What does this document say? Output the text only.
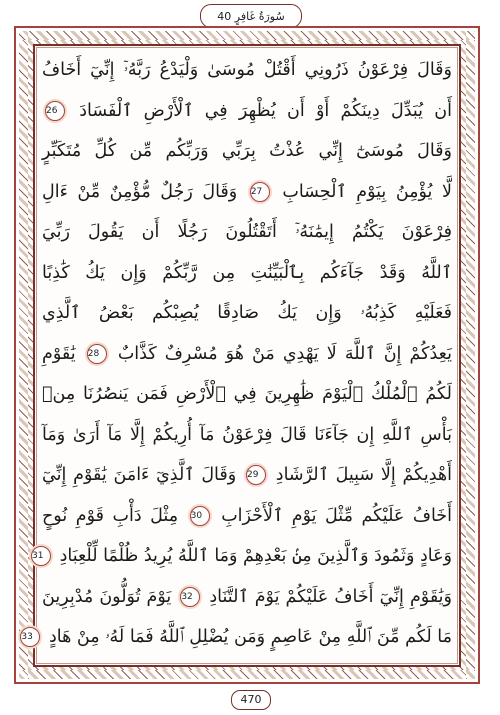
سُورَةُ غَافِرٍ 40
وَقَالَ فِرْعَوْنُ ذَرُونِي أَقْتُلْ مُوسَىٰ وَلْيَدْعُ رَبَّهُۥٓ إِنِّيٓ أَخَافُ
أَن يُبَدِّلَ دِينَكُمْ أَوْ أَن يُظْهِرَ فِي ٱلْأَرْضِ ٱلْفَسَادَ 26
وَقَالَ مُوسَىٰٓ إِنِّي عُذْتُ بِرَبِّي وَرَبِّكُم مِّن كُلِّ مُتَكَبِّرٍ
لَّا يُؤْمِنُ بِيَوْمِ ٱلْحِسَابِ 27 وَقَالَ رَجُلٌ مُّؤْمِنٌ مِّنْ ءَالِ
فِرْعَوْنَ يَكْتُمُ إِيمَٰنَهُۥٓ أَتَقْتُلُونَ رَجُلًا أَن يَقُولَ رَبِّيَ
ٱللَّهُ وَقَدْ جَآءَكُم بِٱلْبَيِّنَٰتِ مِن رَّبِّكُمْ وَإِن يَكُ كَٰذِبًا
فَعَلَيْهِ كَذِبُهُۥ وَإِن يَكُ صَادِقًا يُصِبْكُم بَعْضُ ٱلَّذِي
يَعِدُكُمْ إِنَّ ٱللَّهَ لَا يَهْدِي مَنْ هُوَ مُسْرِفٌ كَذَّابٌ 28 يَٰقَوْمِ
لَكُمُ ٱلْمُلْكُ ٱلْيَوْمَ ظَٰهِرِينَ فِي ٱلْأَرْضِ فَمَن يَنصُرُنَا مِنۢ
بَأْسِ ٱللَّهِ إِن جَآءَنَا قَالَ فِرْعَوْنُ مَآ أُرِيكُمْ إِلَّا مَآ أَرَىٰ وَمَآ
أَهْدِيكُمْ إِلَّا سَبِيلَ ٱلرَّشَادِ 29 وَقَالَ ٱلَّذِيٓ ءَامَنَ يَٰقَوْمِ إِنِّيٓ
أَخَافُ عَلَيْكُم مِّثْلَ يَوْمِ ٱلْأَحْزَابِ 30 مِثْلَ دَأْبِ قَوْمِ نُوحٍ
وَعَادٍ وَثَمُودَ وَٱلَّذِينَ مِنۢ بَعْدِهِمْ وَمَا ٱللَّهُ يُرِيدُ ظُلْمًا لِّلْعِبَادِ 31
وَيَٰقَوْمِ إِنِّيٓ أَخَافُ عَلَيْكُمْ يَوْمَ ٱلتَّنَادِ 32 يَوْمَ تُوَلُّونَ مُدْبِرِينَ
مَا لَكُم مِّنَ ٱللَّهِ مِنْ عَاصِمٍ وَمَن يُضْلِلِ ٱللَّهُ فَمَا لَهُۥ مِنْ هَادٍ 33
470
